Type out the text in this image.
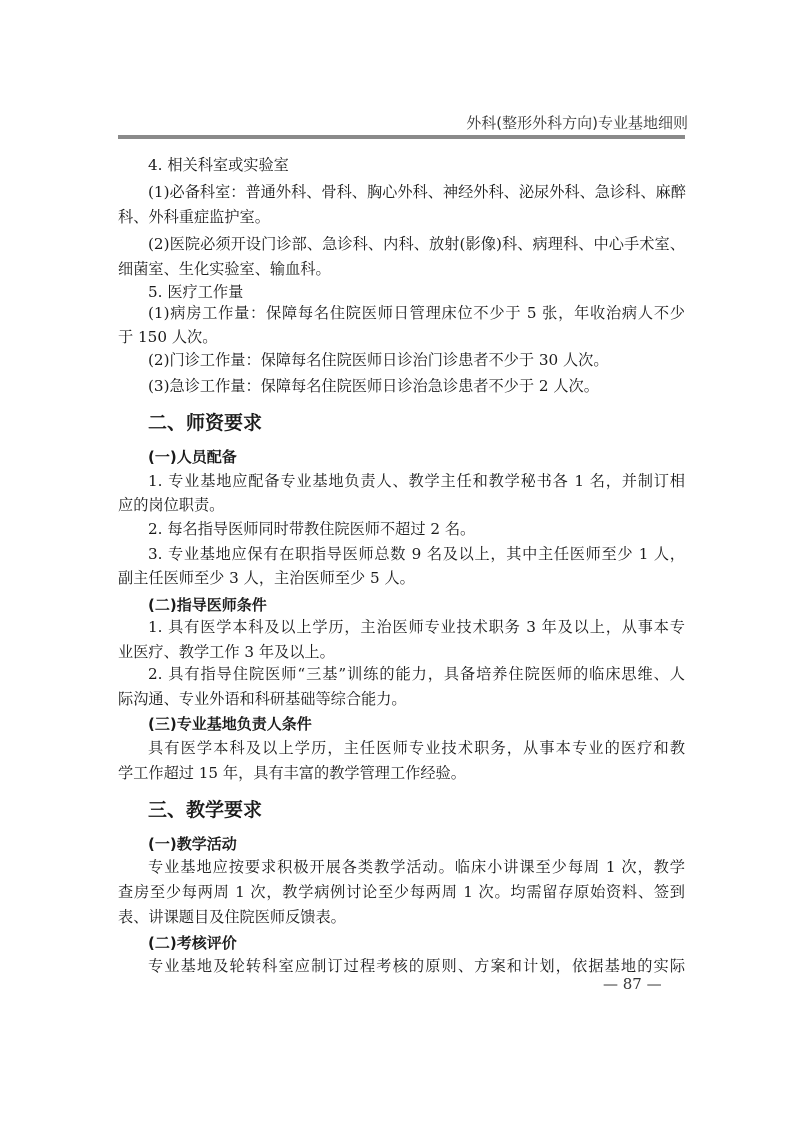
外科(整形外科方向)专业基地细则
4. 相关科室或实验室
(1)必备科室：普通外科、骨科、胸心外科、神经外科、泌尿外科、急诊科、麻醉
科、外科重症监护室。
(2)医院必须开设门诊部、急诊科、内科、放射(影像)科、病理科、中心手术室、
细菌室、生化实验室、输血科。
5. 医疗工作量
(1)病房工作量：保障每名住院医师日管理床位不少于 5 张，年收治病人不少
于 150 人次。
(2)门诊工作量：保障每名住院医师日诊治门诊患者不少于 30 人次。
(3)急诊工作量：保障每名住院医师日诊治急诊患者不少于 2 人次。
二、师资要求
(一)人员配备
1. 专业基地应配备专业基地负责人、教学主任和教学秘书各 1 名，并制订相
应的岗位职责。
2. 每名指导医师同时带教住院医师不超过 2 名。
3. 专业基地应保有在职指导医师总数 9 名及以上，其中主任医师至少 1 人，
副主任医师至少 3 人，主治医师至少 5 人。
(二)指导医师条件
1. 具有医学本科及以上学历，主治医师专业技术职务 3 年及以上，从事本专
业医疗、教学工作 3 年及以上。
2. 具有指导住院医师“三基”训练的能力，具备培养住院医师的临床思维、人
际沟通、专业外语和科研基础等综合能力。
(三)专业基地负责人条件
具有医学本科及以上学历，主任医师专业技术职务，从事本专业的医疗和教
学工作超过 15 年，具有丰富的教学管理工作经验。
三、教学要求
(一)教学活动
专业基地应按要求积极开展各类教学活动。临床小讲课至少每周 1 次，教学
查房至少每两周 1 次，教学病例讨论至少每两周 1 次。均需留存原始资料、签到
表、讲课题目及住院医师反馈表。
(二)考核评价
专业基地及轮转科室应制订过程考核的原则、方案和计划，依据基地的实际
— 87 —
